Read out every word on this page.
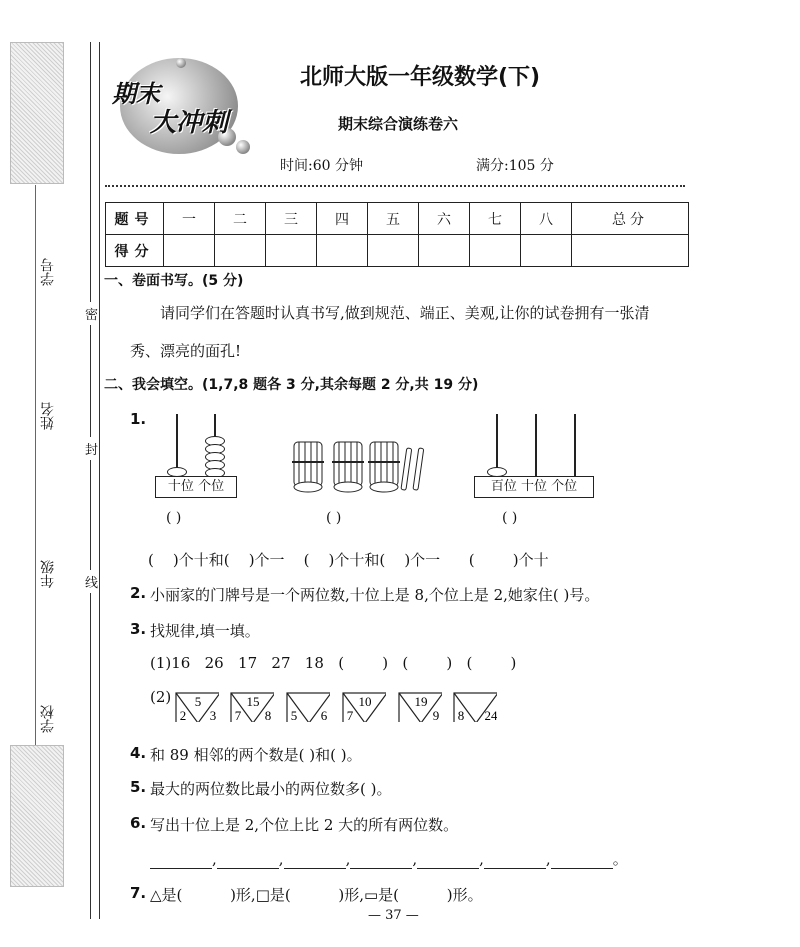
学号
姓名
年级
学校
密
封
线
期末
大冲刺
北师大版一年级数学(下)
期末综合演练卷六
时间:60 分钟	满分:105 分
题号	一	二	三	四	五	六	七	八	总分
得分									
一、卷面书写。(5 分)
请同学们在答题时认真书写,做到规范、端正、美观,让你的试卷拥有一张清
秀、漂亮的面孔!
二、我会填空。(1,7,8 题各 3 分,其余每题 2 分,共 19 分)
1.
十位 个位
( )	( )
百位 十位 个位
( )
(    )个十和(    )个一    (    )个十和(    )个一      (        )个十
2. 小丽家的门牌号是一个两位数,十位上是 8,个位上是 2,她家住( )号。
3. 找规律,填一填。
(1)16   26   17   27   18   (        )   (        )   (        )
(2) 5
2 3
15
7 8 5 6
10
7
19
9 8 24
4. 和 89 相邻的两个数是( )和( )。
5. 最大的两位数比最小的两位数多( )。
6. 写出十位上是 2,个位上比 2 大的所有两位数。
,	,	,	,	,	,	。
7. △是(          )形,□是(          )形,▭是(          )形。
— 37 —
